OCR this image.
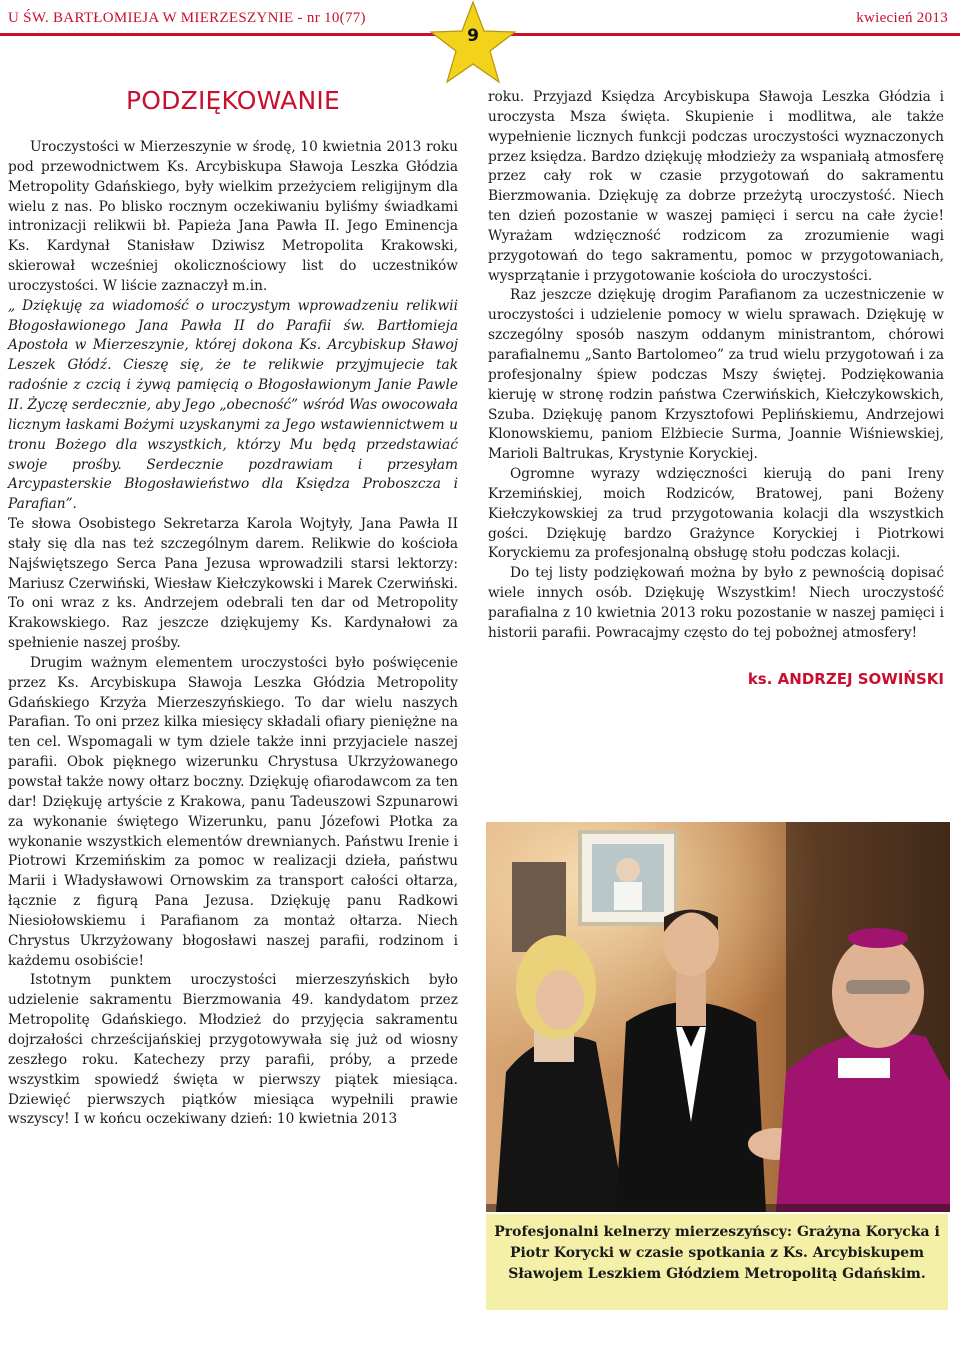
U ŚW. BARTŁOMIEJA W MIERZESZYNIE - nr 10(77)	kwiecień 2013
9

PODZIĘKOWANIE

Uroczystości w Mierzeszynie w środę, 10 kwietnia 2013 roku pod przewodnictwem Ks. Arcybiskupa Sławoja Leszka Głódzia Metropolity Gdańskiego, były wielkim przeżyciem religijnym dla wielu z nas. Po blisko rocznym oczekiwaniu byliśmy świadkami intronizacji relikwii bł. Papieża Jana Pawła II. Jego Eminencja Ks. Kardynał Stanisław Dziwisz Metropolita Krakowski, skierował wcześniej okolicznościowy list do uczestników uroczystości. W liście zaznaczył m.in.

„ Dziękuję za wiadomość o uroczystym wprowadzeniu relikwii Błogosławionego Jana Pawła II do Parafii św. Bartłomieja Apostoła w Mierzeszynie, której dokona Ks. Arcybiskup Sławoj Leszek Głódź. Cieszę się, że te relikwie przyjmujecie tak radośnie z czcią i żywą pamięcią o Błogosławionym Janie Pawle II. Życzę serdecznie, aby Jego „obecność” wśród Was owocowała licznym łaskami Bożymi uzyskanymi za Jego wstawiennictwem u tronu Bożego dla wszystkich, którzy Mu będą przedstawiać swoje prośby. Serdecznie pozdrawiam i przesyłam Arcypasterskie Błogosławieństwo dla Księdza Proboszcza i Parafian”.

Te słowa Osobistego Sekretarza Karola Wojtyły, Jana Pawła II stały się dla nas też szczególnym darem. Relikwie do kościoła Najświętszego Serca Pana Jezusa wprowadzili starsi lektorzy: Mariusz Czerwiński, Wiesław Kiełczykowski i Marek Czerwiński. To oni wraz z ks. Andrzejem odebrali ten dar od Metropolity Krakowskiego. Raz jeszcze dziękujemy Ks. Kardynałowi za spełnienie naszej prośby.

Drugim ważnym elementem uroczystości było poświęcenie przez Ks. Arcybiskupa Sławoja Leszka Głódzia Metropolity Gdańskiego Krzyża Mierzeszyńskiego. To dar wielu naszych Parafian. To oni przez kilka miesięcy składali ofiary pieniężne na ten cel. Wspomagali w tym dziele także inni przyjaciele naszej parafii. Obok pięknego wizerunku Chrystusa Ukrzyżowanego powstał także nowy ołtarz boczny. Dziękuję ofiarodawcom za ten dar! Dziękuję artyście z Krakowa, panu Tadeuszowi Szpunarowi za wykonanie świętego Wizerunku, panu Józefowi Płotka za wykonanie wszystkich elementów drewnianych. Państwu Irenie i Piotrowi Krzemińskim za pomoc w realizacji dzieła, państwu Marii i Władysławowi Ornowskim za transport całości ołtarza, łącznie z figurą Pana Jezusa. Dziękuję panu Radkowi Niesiołowskiemu i Parafianom za montaż ołtarza. Niech Chrystus Ukrzyżowany błogosławi naszej parafii, rodzinom i każdemu osobiście!

Istotnym punktem uroczystości mierzeszyńskich było udzielenie sakramentu Bierzmowania 49. kandydatom przez Metropolitę Gdańskiego. Młodzież do przyjęcia sakramentu dojrzałości chrześcijańskiej przygotowywała się już od wiosny zeszłego roku. Katechezy przy parafii, próby, a przede wszystkim spowiedź święta w pierwszy piątek miesiąca. Dziewięć pierwszych piątków miesiąca wypełnili prawie wszyscy! I w końcu oczekiwany dzień: 10 kwietnia 2013

roku. Przyjazd Księdza Arcybiskupa Sławoja Leszka Głódzia i uroczysta Msza święta. Skupienie i modlitwa, ale także wypełnienie licznych funkcji podczas uroczystości wyznaczonych przez księdza. Bardzo dziękuję młodzieży za wspaniałą atmosferę przez cały rok w czasie przygotowań do sakramentu Bierzmowania. Dziękuję za dobrze przeżytą uroczystość. Niech ten dzień pozostanie w waszej pamięci i sercu na całe życie! Wyrażam wdzięczność rodzicom za zrozumienie wagi przygotowań do tego sakramentu, pomoc w przygotowaniach, wysprzątanie i przygotowanie kościoła do uroczystości.

Raz jeszcze dziękuję drogim Parafianom za uczestniczenie w uroczystości i udzielenie pomocy w wielu sprawach. Dziękuję w szczególny sposób naszym oddanym ministrantom, chórowi parafialnemu „Santo Bartolomeo” za trud wielu przygotowań i za profesjonalny śpiew podczas Mszy świętej. Podziękowania kieruję w stronę rodzin państwa Czerwińskich, Kiełczykowskich, Szuba. Dziękuję panom Krzysztofowi Peplińskiemu, Andrzejowi Klonowskiemu, paniom Elżbiecie Surma, Joannie Wiśniewskiej, Marioli Baltrukas, Krystynie Koryckiej.

Ogromne wyrazy wdzięczności kierują do pani Ireny Krzemińskiej, moich Rodziców, Bratowej, pani Bożeny Kiełczykowskiej za trud przygotowania kolacji dla wszystkich gości. Dziękuję bardzo Grażynce Koryckiej i Piotrkowi Koryckiemu za profesjonalną obsługę stołu podczas kolacji.

Do tej listy podziękowań można by było z pewnością dopisać wiele innych osób. Dziękuję Wszystkim! Niech uroczystość parafialna z 10 kwietnia 2013 roku pozostanie w naszej pamięci i historii parafii. Powracajmy często do tej pobożnej atmosfery!

ks. ANDRZEJ SOWIŃSKI

Profesjonalni kelnerzy mierzeszyńscy: Grażyna Korycka i Piotr Korycki w czasie spotkania z Ks. Arcybiskupem Sławojem Leszkiem Głódziem Metropolitą Gdańskim.
